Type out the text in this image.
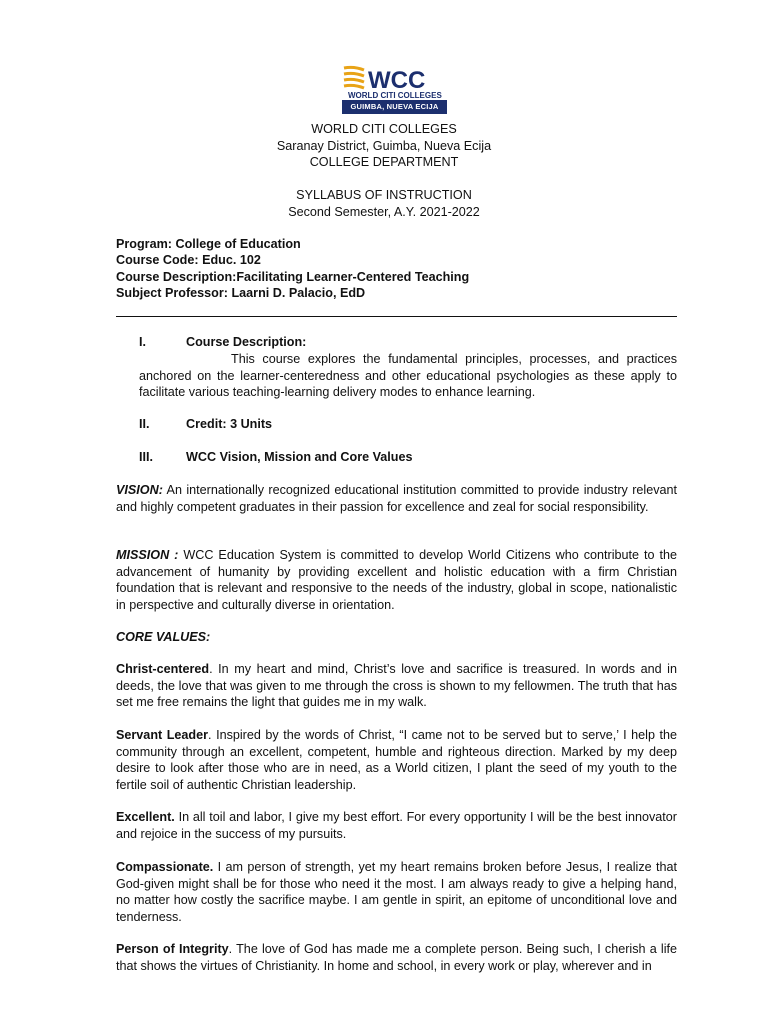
WCC
WORLD CITI COLLEGES
GUIMBA, NUEVA ECIJA
WORLD CITI COLLEGES
Saranay District, Guimba, Nueva Ecija
COLLEGE DEPARTMENT
SYLLABUS OF INSTRUCTION
Second Semester, A.Y. 2021-2022
Program: College of Education
Course Code: Educ. 102
Course Description:Facilitating Learner-Centered Teaching
Subject Professor: Laarni D. Palacio, EdD
I.	Course Description:
This course explores the fundamental principles, processes, and practices anchored on the learner-centeredness and other educational psychologies as these apply to facilitate various teaching-learning delivery modes to enhance learning.
II.	Credit: 3 Units
III.	WCC Vision, Mission and Core Values
VISION: An internationally recognized educational institution committed to provide industry relevant and highly competent graduates in their passion for excellence and zeal for social responsibility.
MISSION : WCC Education System is committed to develop World Citizens who contribute to the advancement of humanity by providing excellent and holistic education with a firm Christian foundation that is relevant and responsive to the needs of the industry, global in scope, nationalistic in perspective and culturally diverse in orientation.
CORE VALUES:
Christ-centered. In my heart and mind, Christ’s love and sacrifice is treasured. In words and in deeds, the love that was given to me through the cross is shown to my fellowmen. The truth that has set me free remains the light that guides me in my walk.
Servant Leader. Inspired by the words of Christ, “I came not to be served but to serve,’ I help the community through an excellent, competent, humble and righteous direction. Marked by my deep desire to look after those who are in need, as a World citizen, I plant the seed of my youth to the fertile soil of authentic Christian leadership.
Excellent. In all toil and labor, I give my best effort. For every opportunity I will be the best innovator and rejoice in the success of my pursuits.
Compassionate. I am person of strength, yet my heart remains broken before Jesus, I realize that God-given might shall be for those who need it the most. I am always ready to give a helping hand, no matter how costly the sacrifice maybe. I am gentle in spirit, an epitome of unconditional love and tenderness.
Person of Integrity. The love of God has made me a complete person. Being such, I cherish a life that shows the virtues of Christianity. In home and school, in every work or play, wherever and in
